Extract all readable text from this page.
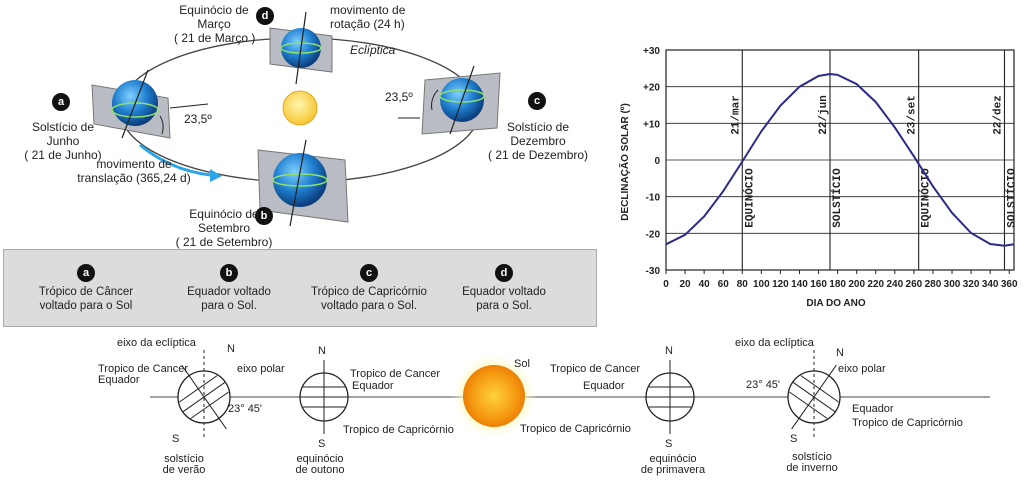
d
a	c
b
Equinócio de
Março
( 21 de Março )
movimento de
rotação (24 h)
Eclíptica
Solstício de
Junho
( 21 de Junho)
23,5º
23,5º
Solstício de
Dezembro
( 21 de Dezembro)
movimento de
translação (365,24 d)
Equinócio de
Setembro
( 21 de Setembro)
a
Trópico de Câncer
voltado para o Sol
b
Equador voltado
para o Sol.
c
Trópico de Capricórnio
voltado para o Sol.
d
Equador voltado
para o Sol.
21/mar
EQUINÓCIO
22/jun
SOLSTÍCIO
23/set
EQUINÓCIO
22/dez
SOLSTÍCIO
+30
+20
+10
0
-10
-20
-30
0 20 40 60 80 100 120 140 160 180 200 220 240 260 280 300 320 340 360
DIA DO ANO
DECLINAÇÃO SOLAR (º)
eixo da eclíptica	N
Tropico de Cancer
Equador
eixo polar
23° 45'
S
solstício
de verão
N
Tropico de Cancer
Equador
Tropico de Capricórnio
S
equinócio
de outono
Sol
N
Tropico de Cancer
Equador
Tropico de Capricórnio
S
equinócio
de primavera
eixo da eclíptica
N
eixo polar
23° 45'
Equador
Tropico de Capricórnio
S
solstício
de inverno
